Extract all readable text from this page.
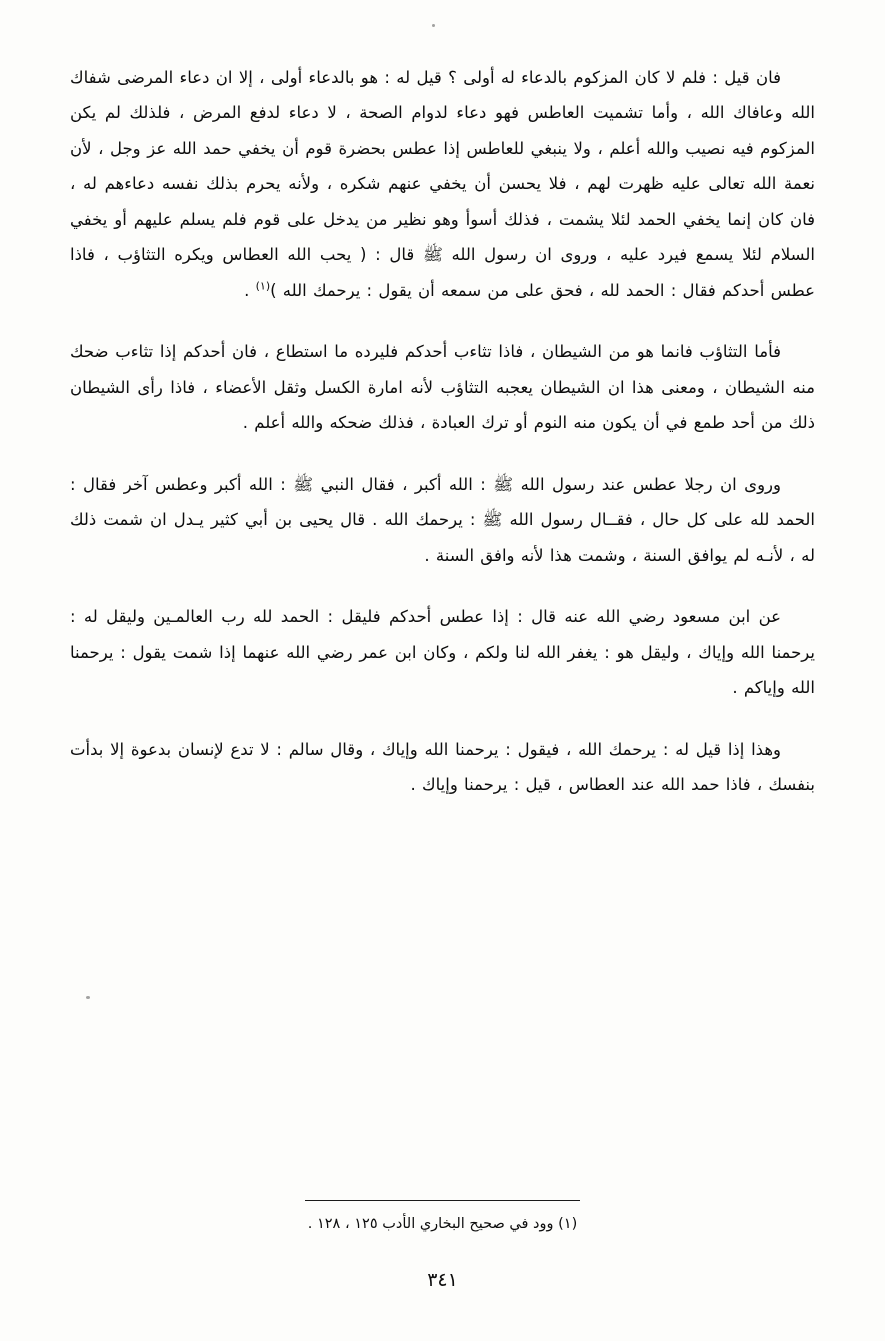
فان قيل : فلم لا كان المزكوم بالدعاء له أولى ؟ قيل له : هو بالدعاء أولى ، إلا ان دعاء المرضى شفاك الله وعافاك الله ، وأما تشميت العاطس فهو دعاء لدوام الصحة ، لا دعاء لدفع المرض ، فلذلك لم يكن المزكوم فيه نصيب والله أعلم ، ولا ينبغي للعاطس إذا عطس بحضرة قوم أن يخفي حمد الله عز وجل ، لأن نعمة الله تعالى عليه ظهرت لهم ، فلا يحسن أن يخفي عنهم شكره ، ولأنه يحرم بذلك نفسه دعاءهم له ، فان كان إنما يخفي الحمد لئلا يشمت ، فذلك أسوأ وهو نظير من يدخل على قوم فلم يسلم عليهم أو يخفي السلام لئلا يسمع فيرد عليه ، وروى ان رسول الله ﷺ قال : ( يحب الله العطاس ويكره التثاؤب ، فاذا عطس أحدكم فقال : الحمد لله ، فحق على من سمعه أن يقول : يرحمك الله )$^{(١)}$ .

فأما التثاؤب فانما هو من الشيطان ، فاذا تثاءب أحدكم فليرده ما استطاع ، فان أحدكم إذا تثاءب ضحك منه الشيطان ، ومعنى هذا ان الشيطان يعجبه التثاؤب لأنه امارة الكسل وثقل الأعضاء ، فاذا رأى الشيطان ذلك من أحد طمع في أن يكون منه النوم أو ترك العبادة ، فذلك ضحكه والله أعلم .

وروى ان رجلا عطس عند رسول الله ﷺ : الله أكبر ، فقال النبي ﷺ : الله أكبر وعطس آخر فقال : الحمد لله على كل حال ، فقــال رسول الله ﷺ : يرحمك الله . قال يحيى بن أبي كثير يـدل ان شمت ذلك له ، لأنـه لم يوافق السنة ، وشمت هذا لأنه وافق السنة .

عن ابن مسعود رضي الله عنه قال : إذا عطس أحدكم فليقل : الحمد لله رب العالمـين وليقل له : يرحمنا الله وإياك ، وليقل هو : يغفر الله لنا ولكم ، وكان ابن عمر رضي الله عنهما إذا شمت يقول : يرحمنا الله وإياكم .

وهذا إذا قيل له : يرحمك الله ، فيقول : يرحمنا الله وإياك ، وقال سالم : لا تدع لإنسان بدعوة إلا بدأت بنفسك ، فاذا حمد الله عند العطاس ، قيل : يرحمنا وإياك .

(١) وود في صحيح البخاري الأدب ١٢٥ ، ١٢٨ .
٣٤١
